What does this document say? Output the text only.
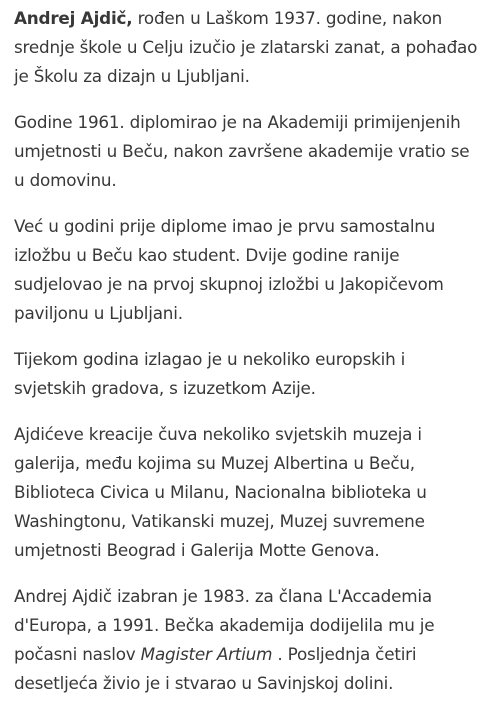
Andrej Ajdič, rođen u Laškom 1937. godine, nakon
srednje škole u Celju izučio je zlatarski zanat, a pohađao
je Školu za dizajn u Ljubljani.

Godine 1961. diplomirao je na Akademiji primijenjenih
umjetnosti u Beču, nakon završene akademije vratio se
u domovinu.

Već u godini prije diplome imao je prvu samostalnu
izložbu u Beču kao student. Dvije godine ranije
sudjelovao je na prvoj skupnoj izložbi u Jakopičevom
paviljonu u Ljubljani.

Tijekom godina izlagao je u nekoliko europskih i
svjetskih gradova, s izuzetkom Azije.

Ajdićeve kreacije čuva nekoliko svjetskih muzeja i
galerija, među kojima su Muzej Albertina u Beču,
Biblioteca Civica u Milanu, Nacionalna biblioteka u
Washingtonu, Vatikanski muzej, Muzej suvremene
umjetnosti Beograd i Galerija Motte Genova.

Andrej Ajdič izabran je 1983. za člana L'Accademia
d'Europa, a 1991. Bečka akademija dodijelila mu je
počasni naslov Magister Artium . Posljednja četiri
desetljeća živio je i stvarao u Savinjskoj dolini.
